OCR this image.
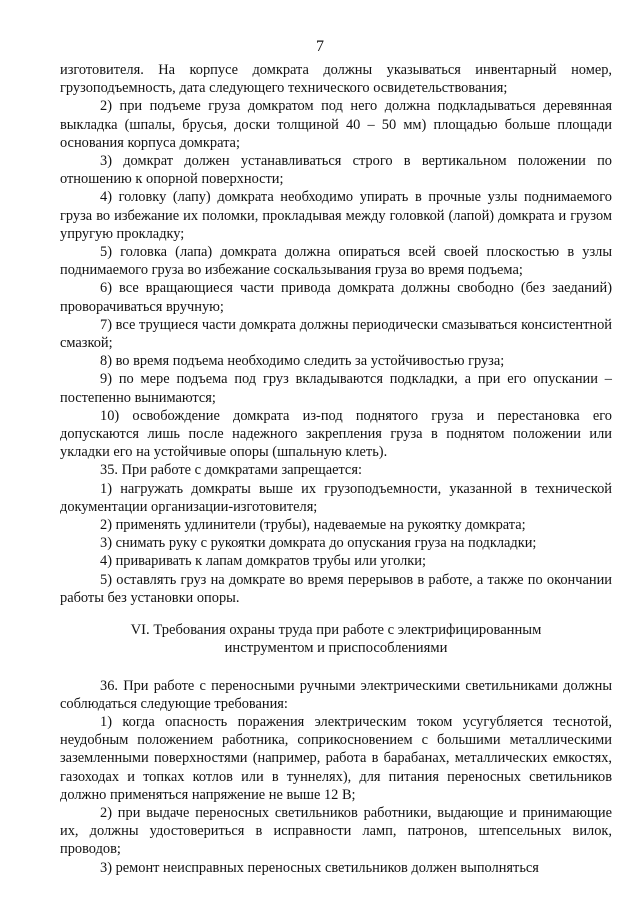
7

изготовителя. На корпусе домкрата должны указываться инвентарный номер, грузоподъемность, дата следующего технического освидетельствования;

2) при подъеме груза домкратом под него должна подкладываться деревянная выкладка (шпалы, брусья, доски толщиной 40 – 50 мм) площадью больше площади основания корпуса домкрата;

3) домкрат должен устанавливаться строго в вертикальном положении по отношению к опорной поверхности;

4) головку (лапу) домкрата необходимо упирать в прочные узлы поднимаемого груза во избежание их поломки, прокладывая между головкой (лапой) домкрата и грузом упругую прокладку;

5) головка (лапа) домкрата должна опираться всей своей плоскостью в узлы поднимаемого груза во избежание соскальзывания груза во время подъема;

6) все вращающиеся части привода домкрата должны свободно (без заеданий) проворачиваться вручную;

7) все трущиеся части домкрата должны периодически смазываться консистентной смазкой;

8) во время подъема необходимо следить за устойчивостью груза;

9) по мере подъема под груз вкладываются подкладки, а при его опускании – постепенно вынимаются;

10) освобождение домкрата из-под поднятого груза и перестановка его допускаются лишь после надежного закрепления груза в поднятом положении или укладки его на устойчивые опоры (шпальную клеть).

35. При работе с домкратами запрещается:

1) нагружать домкраты выше их грузоподъемности, указанной в технической документации организации-изготовителя;

2) применять удлинители (трубы), надеваемые на рукоятку домкрата;

3) снимать руку с рукоятки домкрата до опускания груза на подкладки;

4) приваривать к лапам домкратов трубы или уголки;

5) оставлять груз на домкрате во время перерывов в работе, а также по окончании работы без установки опоры.

VI. Требования охраны труда при работе с электрифицированным
инструментом и приспособлениями

36. При работе с переносными ручными электрическими светильниками должны соблюдаться следующие требования:

1) когда опасность поражения электрическим током усугубляется теснотой, неудобным положением работника, соприкосновением с большими металлическими заземленными поверхностями (например, работа в барабанах, металлических емкостях, газоходах и топках котлов или в туннелях), для питания переносных светильников должно применяться напряжение не выше 12 В;

2) при выдаче переносных светильников работники, выдающие и принимающие их, должны удостовериться в исправности ламп, патронов, штепсельных вилок, проводов;

3) ремонт неисправных переносных светильников должен выполняться
